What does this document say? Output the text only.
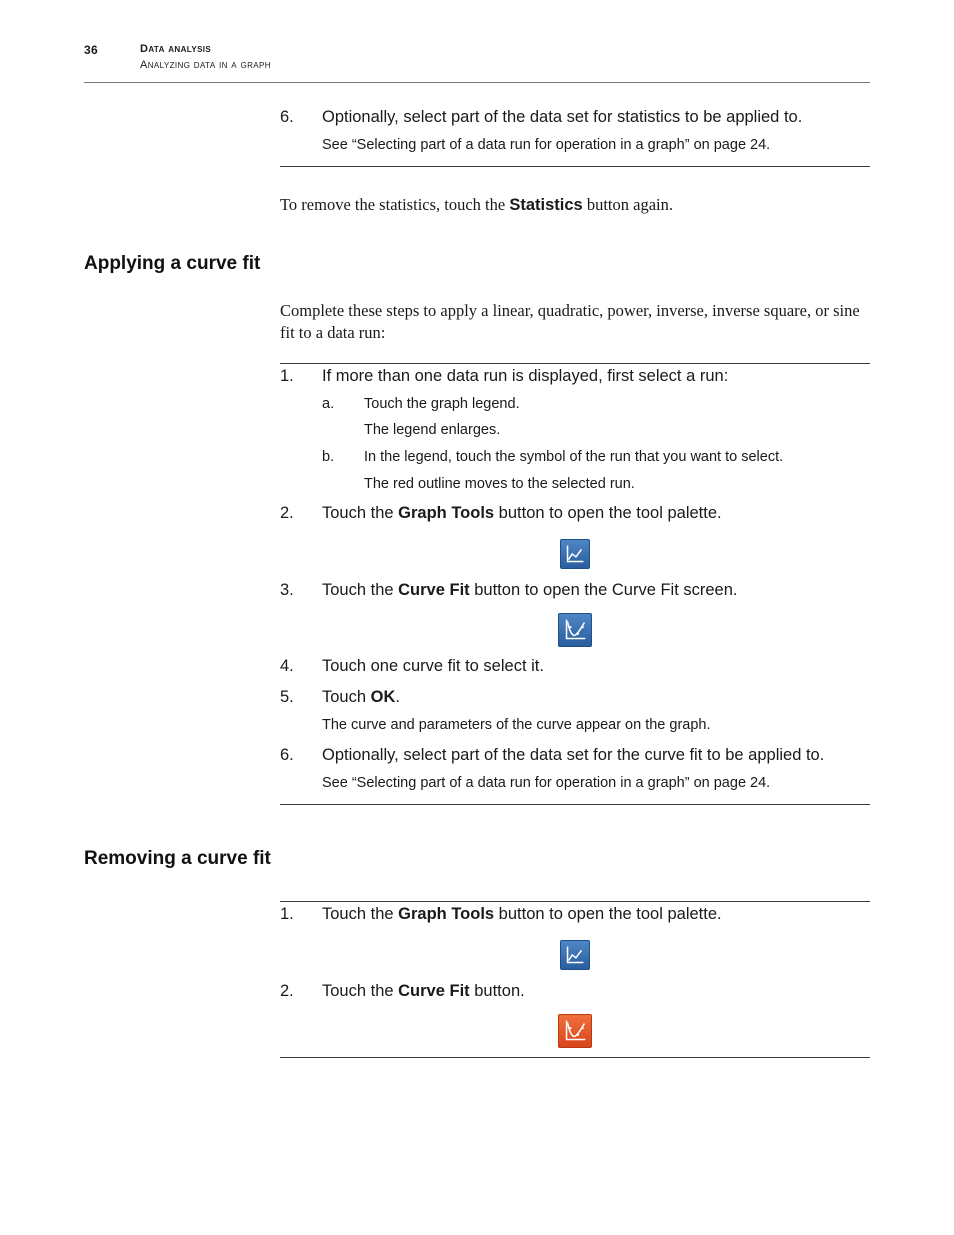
36	Data analysis
Analyzing data in a graph
6. Optionally, select part of the data set for statistics to be applied to.
See “Selecting part of a data run for operation in a graph” on page 24.
To remove the statistics, touch the Statistics button again.
Applying a curve fit
Complete these steps to apply a linear, quadratic, power, inverse, inverse square, or sine fit to a data run:
1. If more than one data run is displayed, first select a run:
a. Touch the graph legend.
The legend enlarges.
b. In the legend, touch the symbol of the run that you want to select.
The red outline moves to the selected run.
2. Touch the Graph Tools button to open the tool palette.
3. Touch the Curve Fit button to open the Curve Fit screen.
4. Touch one curve fit to select it.
5. Touch OK.
The curve and parameters of the curve appear on the graph.
6. Optionally, select part of the data set for the curve fit to be applied to.
See “Selecting part of a data run for operation in a graph” on page 24.
Removing a curve fit
1. Touch the Graph Tools button to open the tool palette.
2. Touch the Curve Fit button.
